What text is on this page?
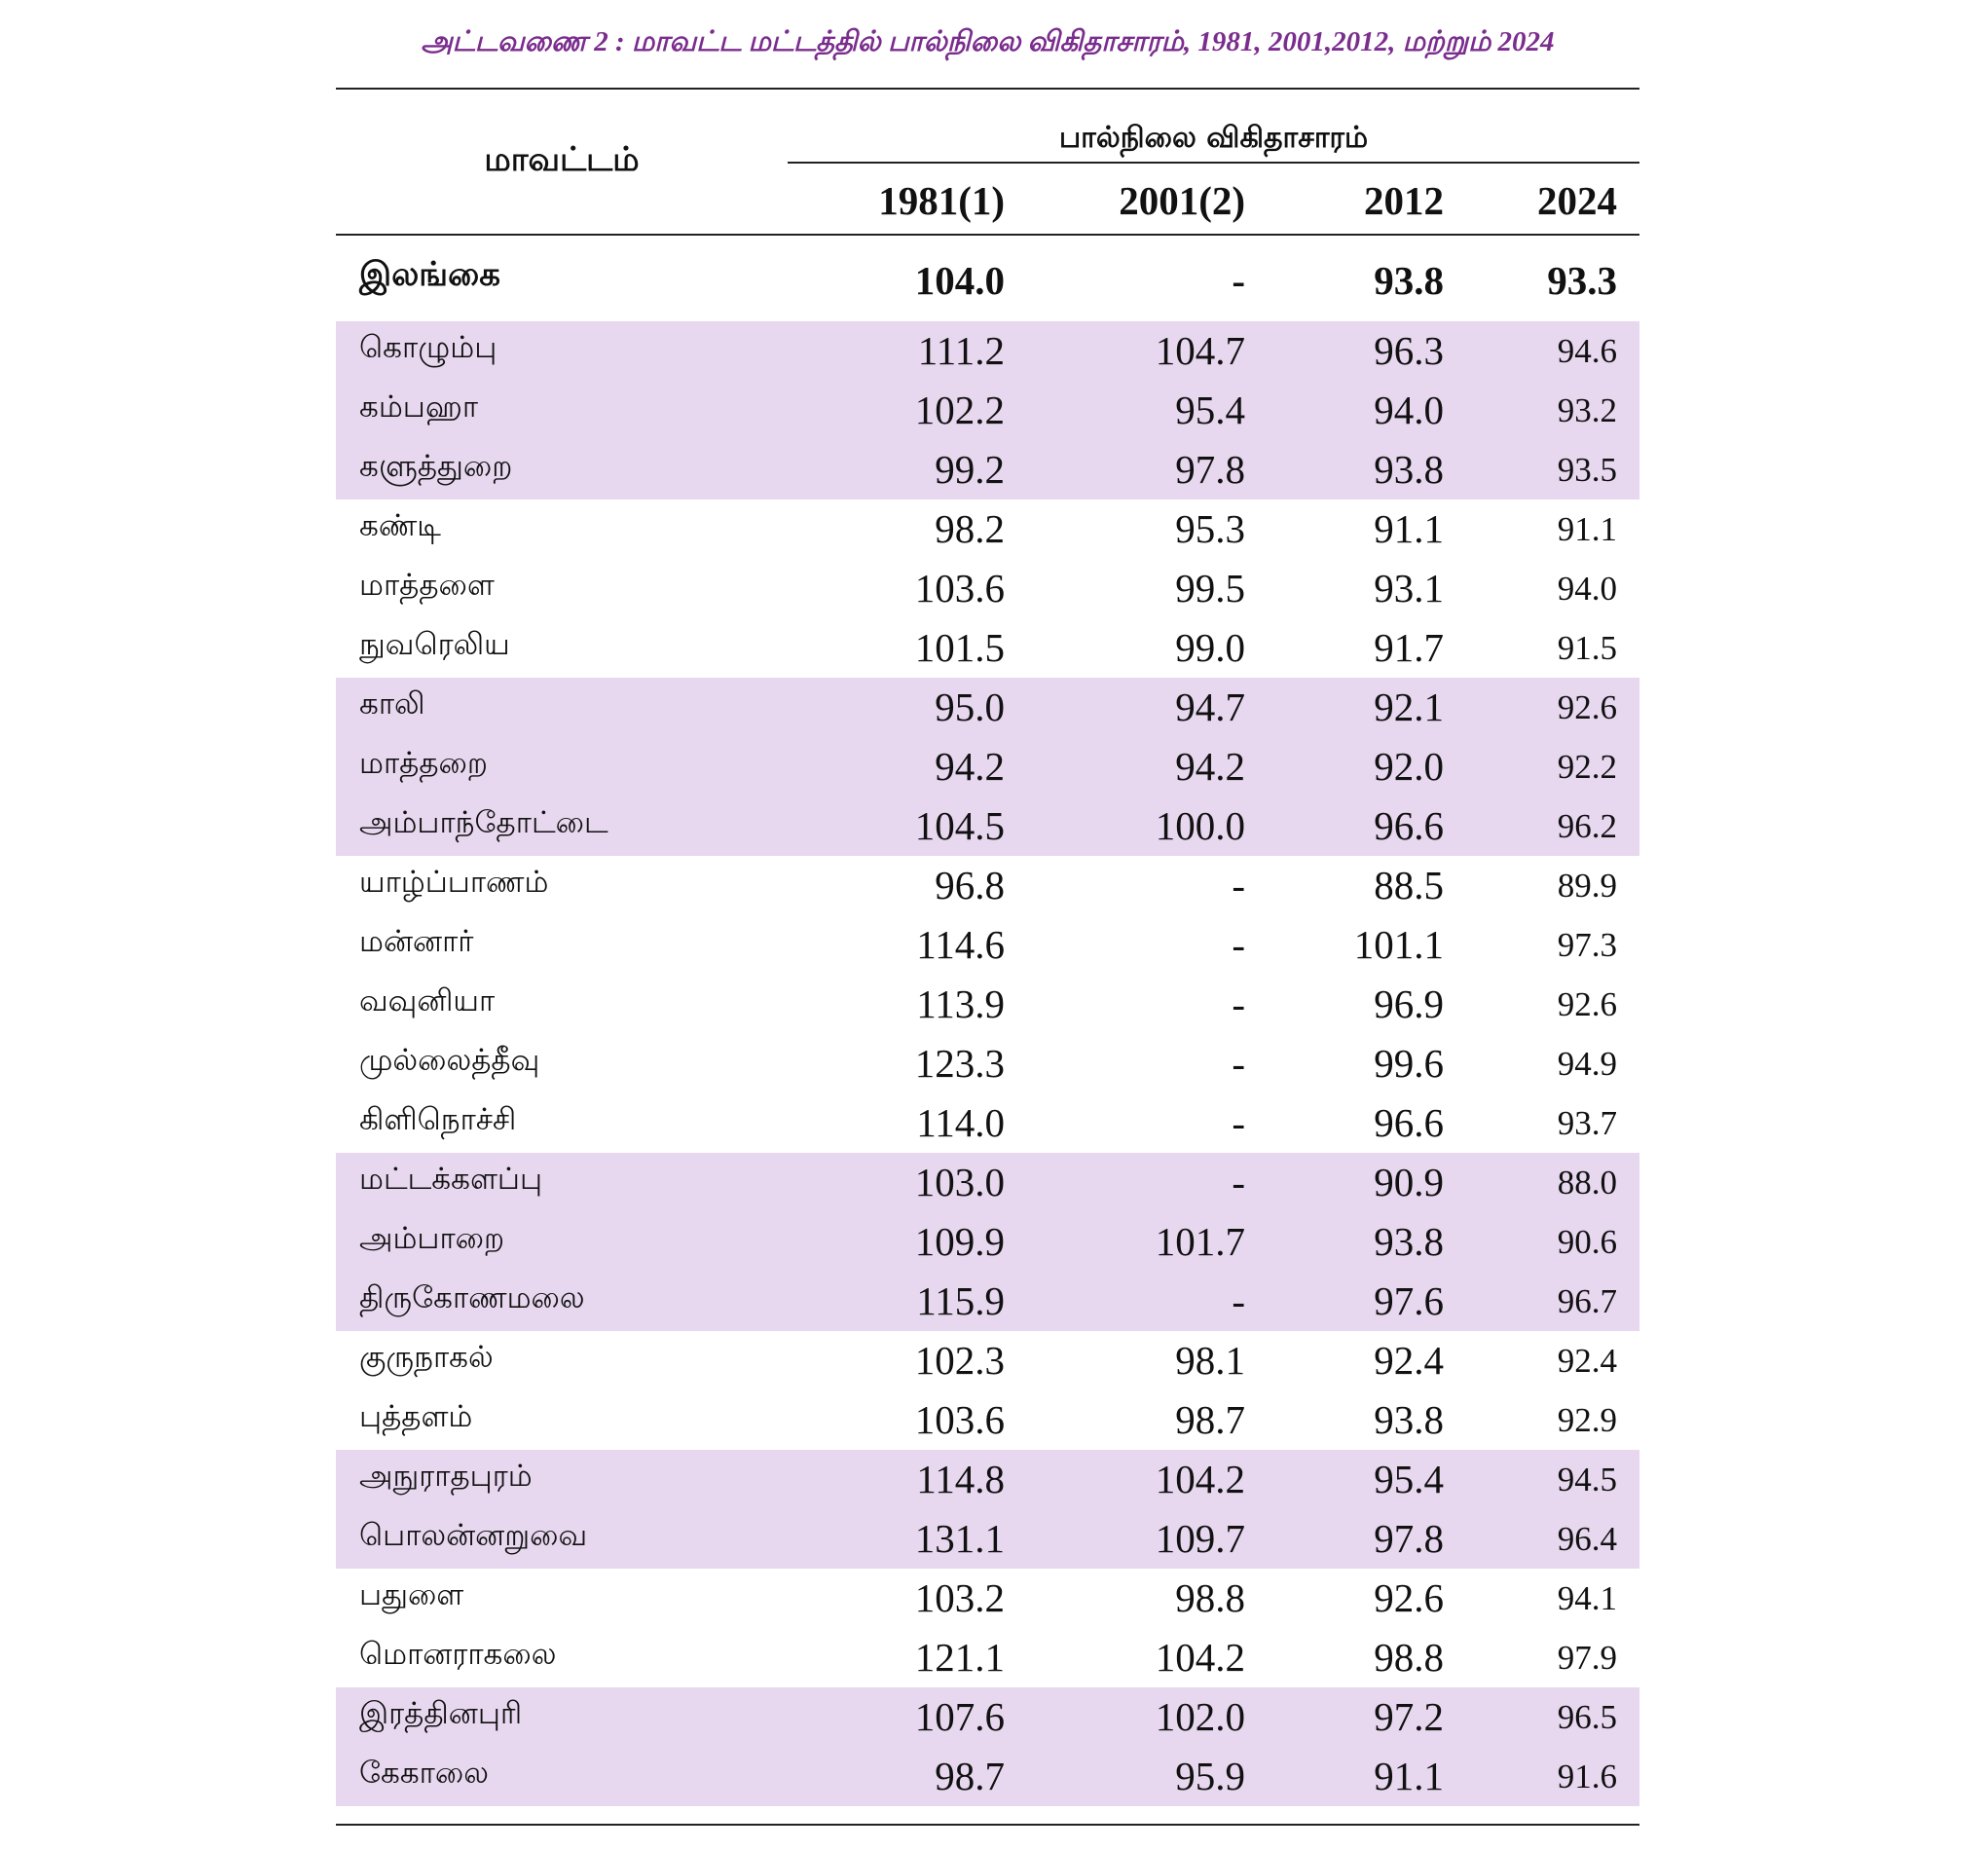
அட்டவணை 2 : மாவட்ட மட்டத்தில் பால்நிலை விகிதாசாரம், 1981, 2001,2012, மற்றும் 2024
மாவட்டம்
பால்நிலை விகிதாசாரம்
1981(1)	2001(2)	2012 2024
இலங்கை	104.0	-	93.8	93.3
கொழும்பு	111.2	104.7	96.3	94.6
கம்பஹா	102.2	95.4	94.0	93.2
களுத்துறை	99.2	97.8	93.8	93.5
கண்டி	98.2	95.3	91.1	91.1
மாத்தளை	103.6	99.5	93.1	94.0
நுவரெலிய	101.5	99.0	91.7	91.5
காலி	95.0	94.7	92.1	92.6
மாத்தறை	94.2	94.2	92.0	92.2
அம்பாந்தோட்டை	104.5	100.0	96.6	96.2
யாழ்ப்பாணம்	96.8	-	88.5	89.9
மன்னார்	114.6	-	101.1	97.3
வவுனியா	113.9	-	96.9	92.6
முல்லைத்தீவு	123.3	-	99.6	94.9
கிளிநொச்சி	114.0	-	96.6	93.7
மட்டக்களப்பு	103.0	-	90.9	88.0
அம்பாறை	109.9	101.7	93.8	90.6
திருகோணமலை	115.9	-	97.6	96.7
குருநாகல்	102.3	98.1	92.4	92.4
புத்தளம்	103.6	98.7	93.8	92.9
அநுராதபுரம்	114.8	104.2	95.4	94.5
பொலன்னறுவை	131.1	109.7	97.8	96.4
பதுளை	103.2	98.8	92.6	94.1
மொனராகலை	121.1	104.2	98.8	97.9
இரத்தினபுரி	107.6	102.0	97.2	96.5
கேகாலை	98.7	95.9	91.1	91.6
